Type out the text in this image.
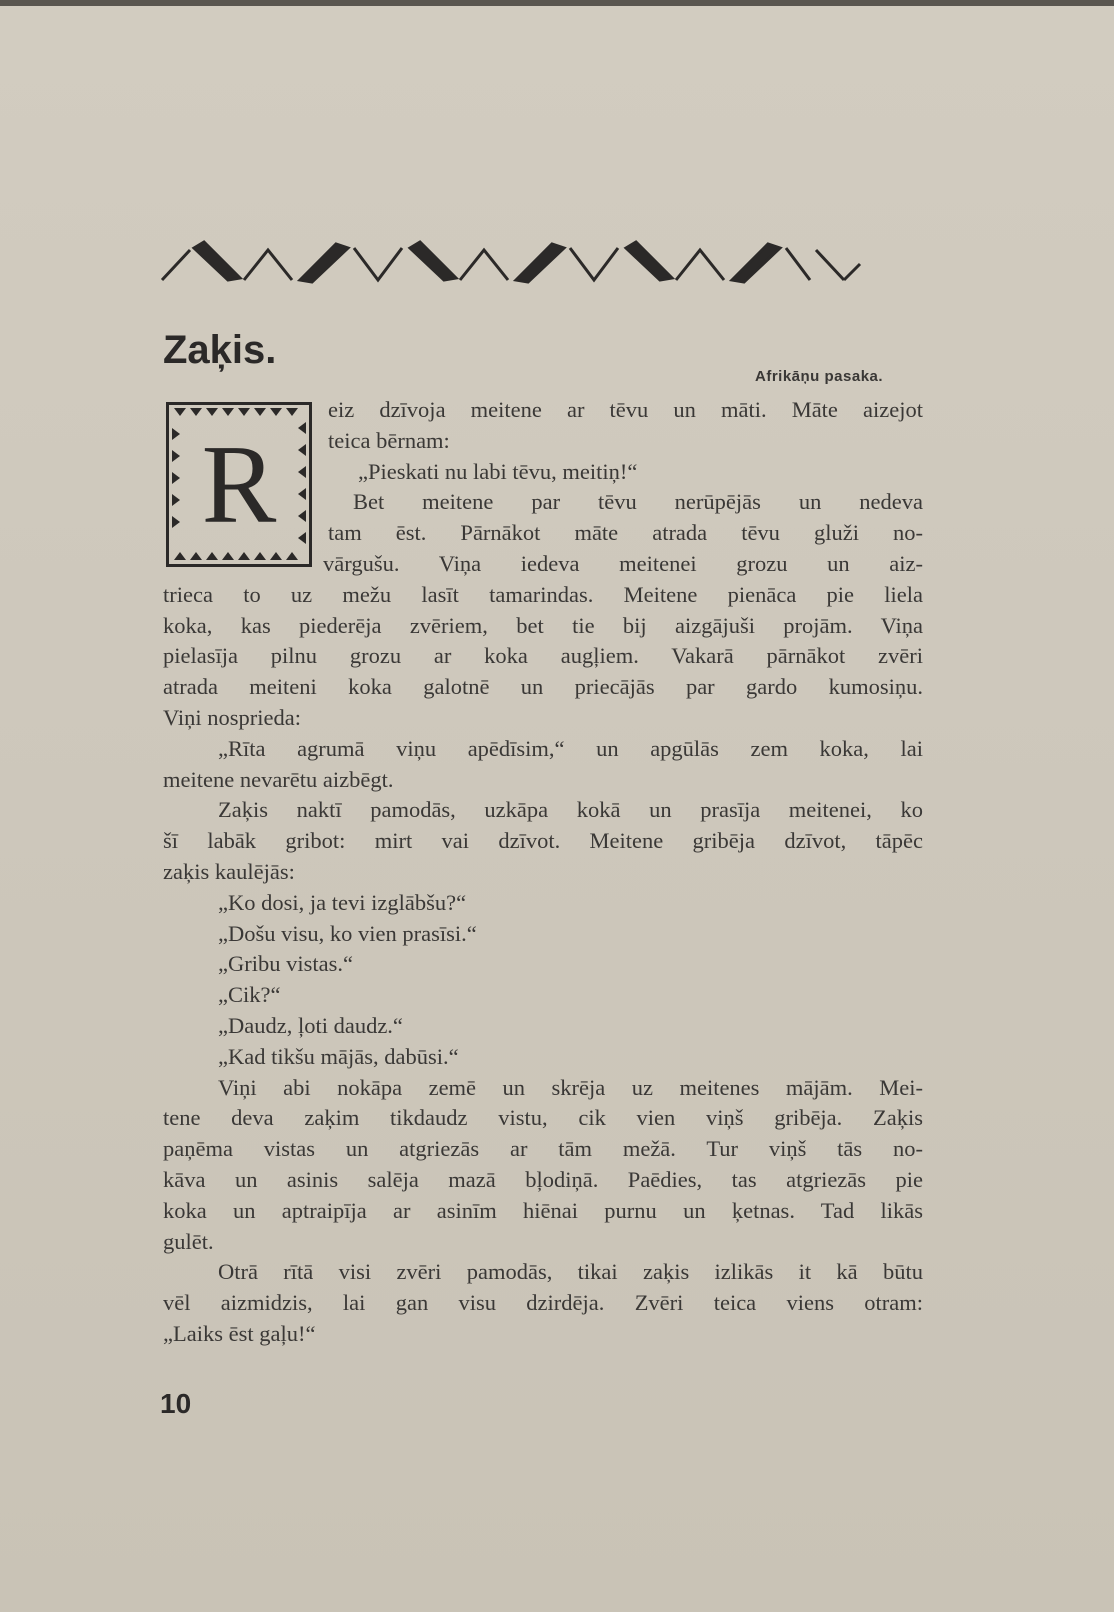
Zaķis.
Afrikāņu pasaka.
R
eiz dzīvoja meitene ar tēvu un māti. Māte aizejot
teica bērnam:
„Pieskati nu labi tēvu, meitiņ!“
Bet meitene par tēvu nerūpējās un nedeva
tam ēst. Pārnākot māte atrada tēvu gluži no-
vārgušu. Viņa iedeva meitenei grozu un aiz-
trieca to uz mežu lasīt tamarindas. Meitene pienāca pie liela
koka, kas piederēja zvēriem, bet tie bij aizgājuši projām. Viņa
pielasīja pilnu grozu ar koka augļiem. Vakarā pārnākot zvēri
atrada meiteni koka galotnē un priecājās par gardo kumosiņu.
Viņi nosprieda:
„Rīta agrumā viņu apēdīsim,“ un apgūlās zem koka, lai
meitene nevarētu aizbēgt.
Zaķis naktī pamodās, uzkāpa kokā un prasīja meitenei, ko
šī labāk gribot: mirt vai dzīvot. Meitene gribēja dzīvot, tāpēc
zaķis kaulējās:
„Ko dosi, ja tevi izglābšu?“
„Došu visu, ko vien prasīsi.“
„Gribu vistas.“
„Cik?“
„Daudz, ļoti daudz.“
„Kad tikšu mājās, dabūsi.“
Viņi abi nokāpa zemē un skrēja uz meitenes mājām. Mei-
tene deva zaķim tikdaudz vistu, cik vien viņš gribēja. Zaķis
paņēma vistas un atgriezās ar tām mežā. Tur viņš tās no-
kāva un asinis salēja mazā bļodiņā. Paēdies, tas atgriezās pie
koka un aptraipīja ar asinīm hiēnai purnu un ķetnas. Tad likās
gulēt.
Otrā rītā visi zvēri pamodās, tikai zaķis izlikās it kā būtu
vēl aizmidzis, lai gan visu dzirdēja. Zvēri teica viens otram:
„Laiks ēst gaļu!“
10
